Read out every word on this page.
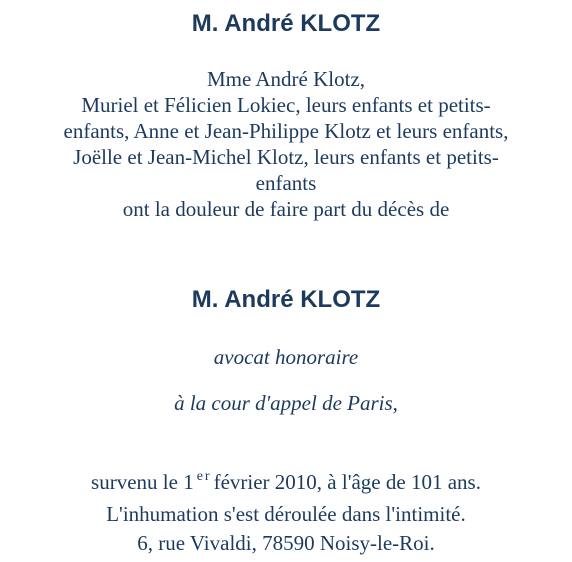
M. André KLOTZ
Mme André Klotz,
Muriel et Félicien Lokiec, leurs enfants et petits-
enfants, Anne et Jean-Philippe Klotz et leurs enfants,
Joëlle et Jean-Michel Klotz, leurs enfants et petits-
enfants
ont la douleur de faire part du décès de
M. André KLOTZ
avocat honoraire
à la cour d'appel de Paris,
survenu le 1 $^{er}$février 2010, à l'âge de 101 ans.
L'inhumation s'est déroulée dans l'intimité.
6, rue Vivaldi, 78590 Noisy-le-Roi.
